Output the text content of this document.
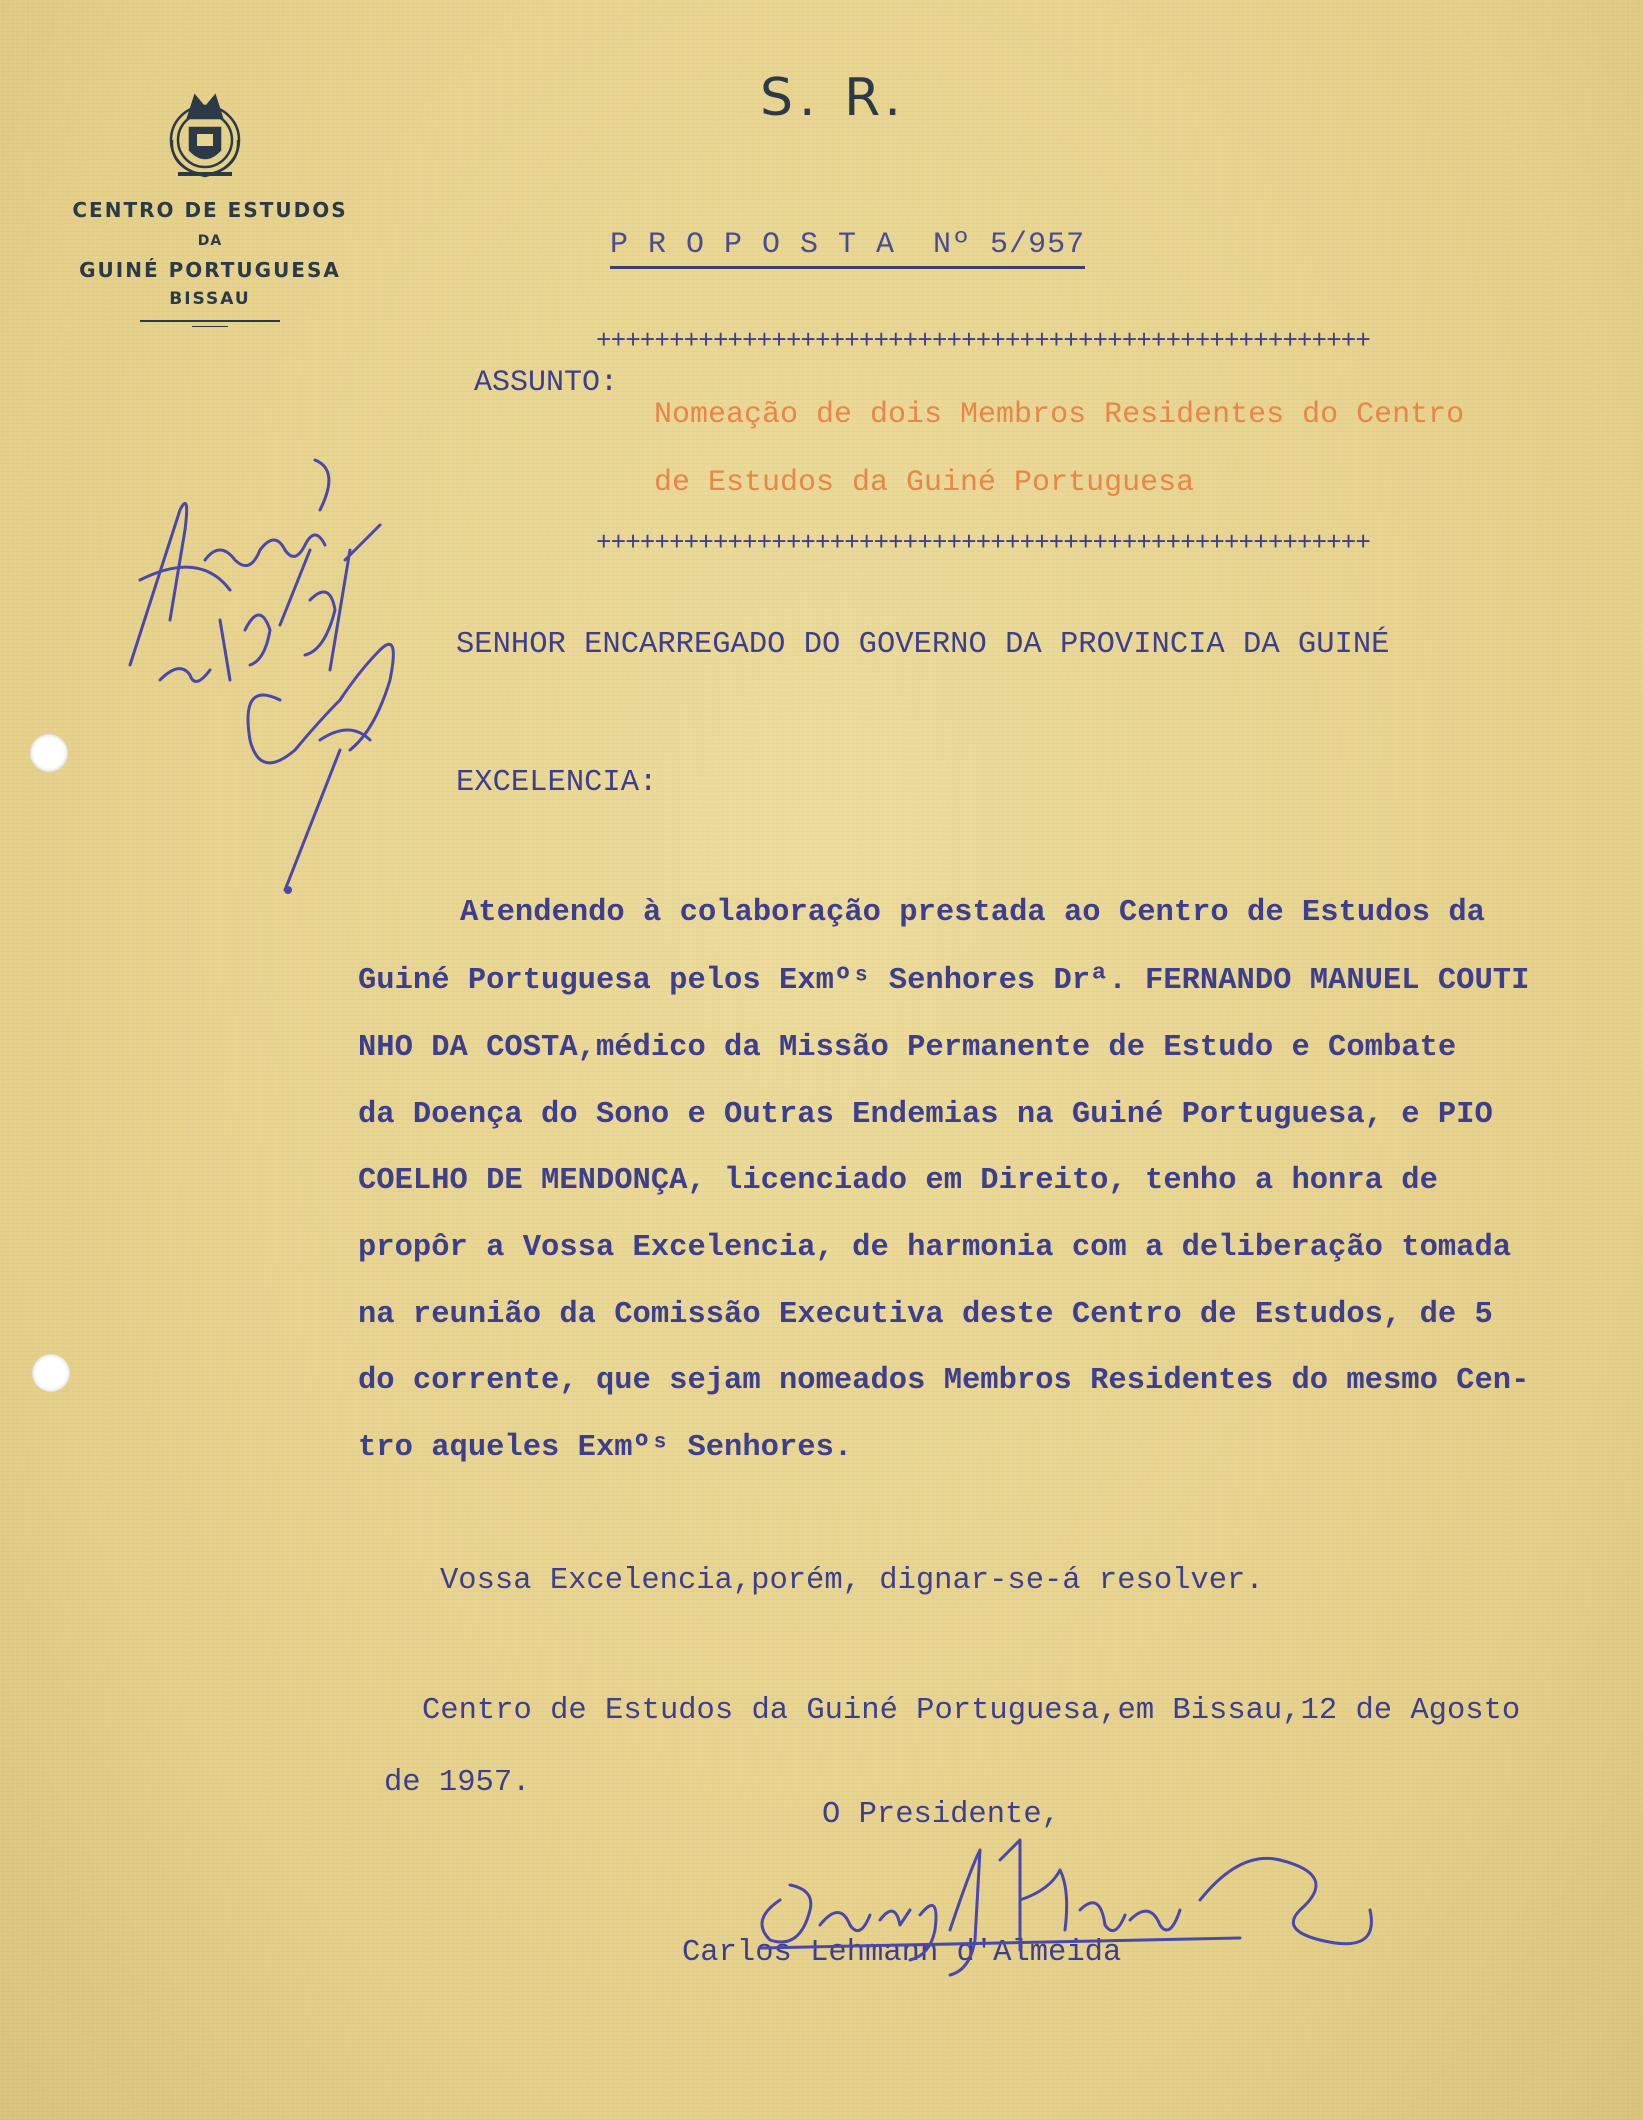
CENTRO DE ESTUDOS
DA
GUINÉ PORTUGUESA
BISSAU
S. R.
P R O P O S T A  Nº 5/957
+++++++++++++++++++++++++++++++++++++++++++++++++++++
ASSUNTO:
Nomeação de dois Membros Residentes do Centro
de Estudos da Guiné Portuguesa
+++++++++++++++++++++++++++++++++++++++++++++++++++++
SENHOR ENCARREGADO DO GOVERNO DA PROVINCIA DA GUINÉ
EXCELENCIA:
Atendendo à colaboração prestada ao Centro de Estudos da
Guiné Portuguesa pelos Exmºˢ Senhores Drª. FERNANDO MANUEL COUTI
NHO DA COSTA,médico da Missão Permanente de Estudo e Combate
da Doença do Sono e Outras Endemias na Guiné Portuguesa, e PIO
COELHO DE MENDONÇA, licenciado em Direito, tenho a honra de
propôr a Vossa Excelencia, de harmonia com a deliberação tomada
na reunião da Comissão Executiva deste Centro de Estudos, de 5
do corrente, que sejam nomeados Membros Residentes do mesmo Cen-
tro aqueles Exmºˢ Senhores.
Vossa Excelencia,porém, dignar-se-á resolver.
Centro de Estudos da Guiné Portuguesa,em Bissau,12 de Agosto
de 1957.
O Presidente,
Carlos Lehmann d'Almeida
